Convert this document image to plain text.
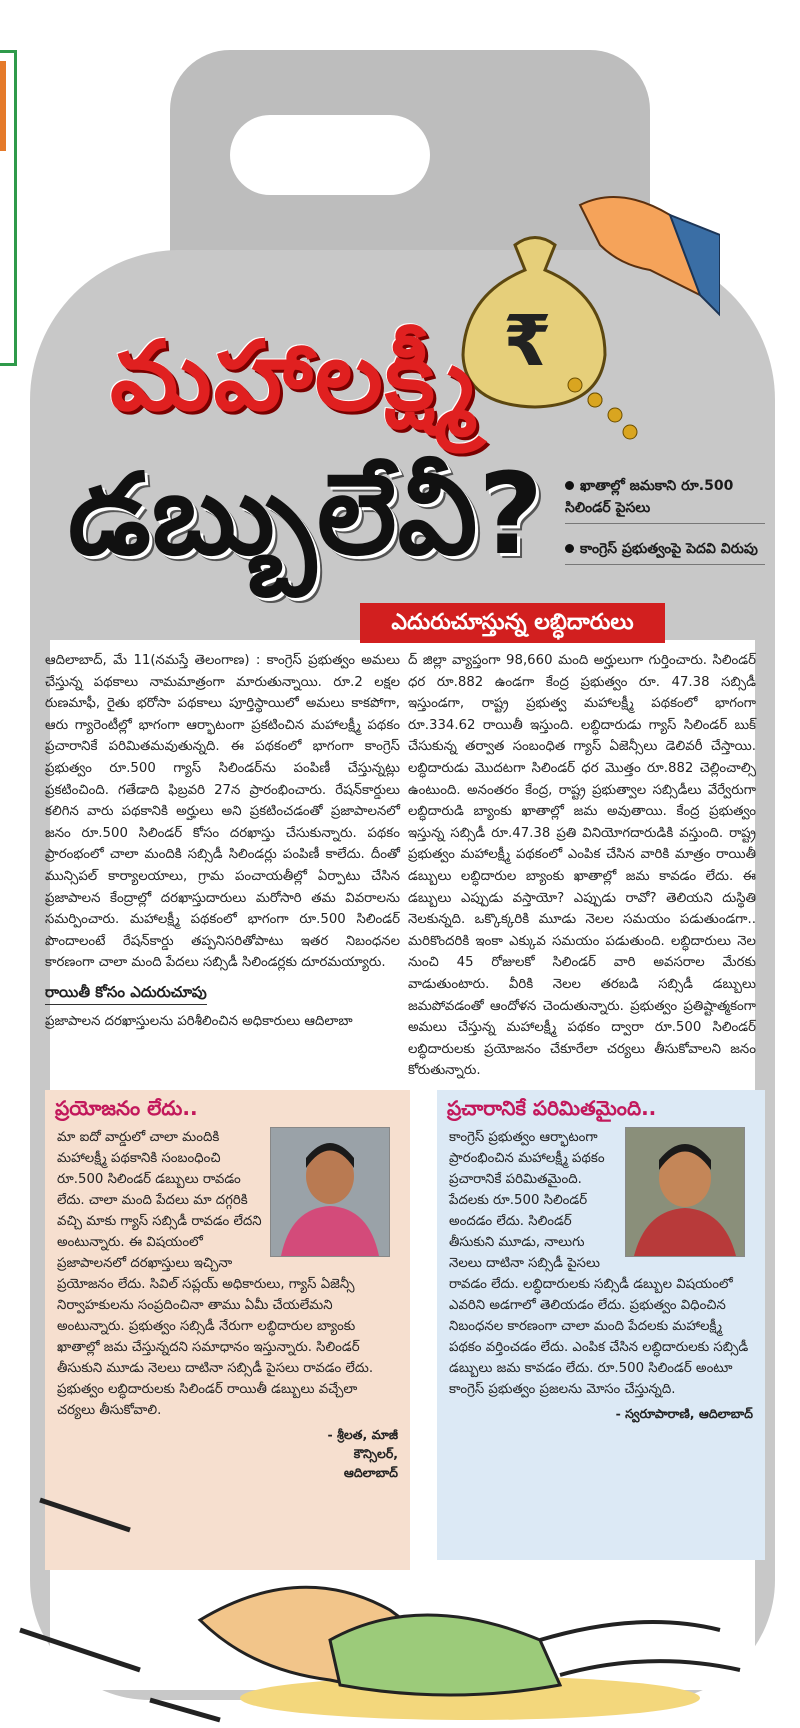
₹
మహాలక్ష్మీ
డబ్బులేవీ?	ఖాతాల్లో జమకాని రూ.500 సిలిండర్ పైసలు
కాంగ్రెస్ ప్రభుత్వంపై పెదవి విరుపు
ఎదురుచూస్తున్న లబ్ధిదారులు
ఆదిలాబాద్, మే 11(నమస్తే తెలంగాణ) : కాంగ్రెస్ ప్రభుత్వం అమలు చేస్తున్న పథకాలు నామమాత్రంగా మారుతున్నాయి. రూ.2 లక్షల రుణమాఫీ, రైతు భరోసా పథకాలు పూర్తిస్థాయిలో అమలు కాకపోగా, ఆరు గ్యారెంటీల్లో భాగంగా ఆర్భాటంగా ప్రకటించిన మహాలక్ష్మీ పథకం ప్రచారానికే పరిమితమవుతున్నది. ఈ పథకంలో భాగంగా కాంగ్రెస్ ప్రభుత్వం రూ.500 గ్యాస్ సిలిండర్‌ను పంపిణీ చేస్తున్నట్లు ప్రకటించింది. గతేడాది ఫిబ్రవరి 27న ప్రారంభించారు. రేషన్‌కార్డులు కలిగిన వారు పథకానికి అర్హులు అని ప్రకటించడంతో ప్రజాపాలనలో జనం రూ.500 సిలిండర్ కోసం దరఖాస్తు చేసుకున్నారు. పథకం ప్రారంభంలో చాలా మందికి సబ్సిడీ సిలిండర్లు పంపిణీ కాలేదు. దీంతో మున్సిపల్ కార్యాలయాలు, గ్రామ పంచాయతీల్లో ఏర్పాటు చేసిన ప్రజాపాలన కేంద్రాల్లో దరఖాస్తుదారులు మరోసారి తమ వివరాలను సమర్పించారు. మహాలక్ష్మీ పథకంలో భాగంగా రూ.500 సిలిండర్ పొందాలంటే రేషన్‌కార్డు తప్పనిసరితోపాటు ఇతర నిబంధనల కారణంగా చాలా మంది పేదలు సబ్సిడీ సిలిండర్లకు దూరమయ్యారు.
రాయితీ కోసం ఎదురుచూపు
ప్రజాపాలన దరఖాస్తులను పరిశీలించిన అధికారులు ఆదిలాబా
ద్ జిల్లా వ్యాప్తంగా 98,660 మంది అర్హులుగా గుర్తించారు. సిలిండర్ ధర రూ.882 ఉండగా కేంద్ర ప్రభుత్వం రూ. 47.38 సబ్సిడీ ఇస్తుండగా, రాష్ట్ర ప్రభుత్వ మహాలక్ష్మీ పథకంలో భాగంగా రూ.334.62 రాయితీ ఇస్తుంది. లబ్ధిదారుడు గ్యాస్ సిలిండర్ బుక్ చేసుకున్న తర్వాత సంబంధిత గ్యాస్ ఏజెన్సీలు డెలివరీ చేస్తాయి. లబ్ధిదారుడు మొదటగా సిలిండర్ ధర మొత్తం రూ.882 చెల్లించాల్సి ఉంటుంది. అనంతరం కేంద్ర, రాష్ట్ర ప్రభుత్వాల సబ్సిడీలు వేర్వేరుగా లబ్ధిదారుడి బ్యాంకు ఖాతాల్లో జమ అవుతాయి. కేంద్ర ప్రభుత్వం ఇస్తున్న సబ్సిడీ రూ.47.38 ప్రతి వినియోగదారుడికి వస్తుంది. రాష్ట్ర ప్రభుత్వం మహాలక్ష్మీ పథకంలో ఎంపిక చేసిన వారికి మాత్రం రాయితీ డబ్బులు లబ్ధిదారుల బ్యాంకు ఖాతాల్లో జమ కావడం లేదు. ఈ డబ్బులు ఎప్పుడు వస్తాయో? ఎప్పుడు రావో? తెలియని దుస్థితి నెలకున్నది. ఒక్కొక్కరికి మూడు నెలల సమయం పడుతుండగా.. మరికొందరికి ఇంకా ఎక్కువ సమయం పడుతుంది. లబ్ధిదారులు నెల నుంచి 45 రోజులకో సిలిండర్ వారి అవసరాల మేరకు వాడుతుంటారు. వీరికి నెలల తరబడి సబ్సిడీ డబ్బులు జమపోవడంతో ఆందోళన చెందుతున్నారు. ప్రభుత్వం ప్రతిష్టాత్మకంగా అమలు చేస్తున్న మహాలక్ష్మీ పథకం ద్వారా రూ.500 సిలిండర్ లబ్ధిదారులకు ప్రయోజనం చేకూరేలా చర్యలు తీసుకోవాలని జనం కోరుతున్నారు.
ప్రయోజనం లేదు..
మా ఐదో వార్డులో చాలా మందికి మహాలక్ష్మీ పథకానికి సంబంధించి రూ.500 సిలిండర్ డబ్బులు రావడం లేదు. చాలా మంది పేదలు మా దగ్గరికి వచ్చి మాకు గ్యాస్ సబ్సిడీ రావడం లేదని అంటున్నారు. ఈ విషయంలో ప్రజాపాలనలో దరఖాస్తులు ఇచ్చినా ప్రయోజనం లేదు. సివిల్ సప్లయ్ అధికారులు, గ్యాస్ ఏజెన్సీ నిర్వాహకులను సంప్రదించినా తాము ఏమీ చేయలేమని అంటున్నారు. ప్రభుత్వం సబ్సిడీ నేరుగా లబ్ధిదారుల బ్యాంకు ఖాతాల్లో జమ చేస్తున్నదని సమాధానం ఇస్తున్నారు. సిలిండర్ తీసుకుని మూడు నెలలు దాటినా సబ్సిడీ పైసలు రావడం లేదు. ప్రభుత్వం లబ్ధిదారులకు సిలిండర్ రాయితీ డబ్బులు వచ్చేలా చర్యలు తీసుకోవాలి.
- శ్రీలత, మాజీ
కౌన్సిలర్,
ఆదిలాబాద్
ప్రచారానికే పరిమితమైంది..
కాంగ్రెస్ ప్రభుత్వం ఆర్భాటంగా ప్రారంభించిన మహాలక్ష్మీ పథకం ప్రచారానికే పరిమితమైంది. పేదలకు రూ.500 సిలిండర్ అందడం లేదు. సిలిండర్ తీసుకుని మూడు, నాలుగు నెలలు దాటినా సబ్సిడీ పైసలు రావడం లేదు. లబ్ధిదారులకు సబ్సిడీ డబ్బుల విషయంలో ఎవరిని అడగాలో తెలియడం లేదు. ప్రభుత్వం విధించిన నిబంధనల కారణంగా చాలా మంది పేదలకు మహాలక్ష్మీ పథకం వర్తించడం లేదు. ఎంపిక చేసిన లబ్ధిదారులకు సబ్సిడీ డబ్బులు జమ కావడం లేదు. రూ.500 సిలిండర్ అంటూ కాంగ్రెస్ ప్రభుత్వం ప్రజలను మోసం చేస్తున్నది.
- స్వరూపారాణి, ఆదిలాబాద్
